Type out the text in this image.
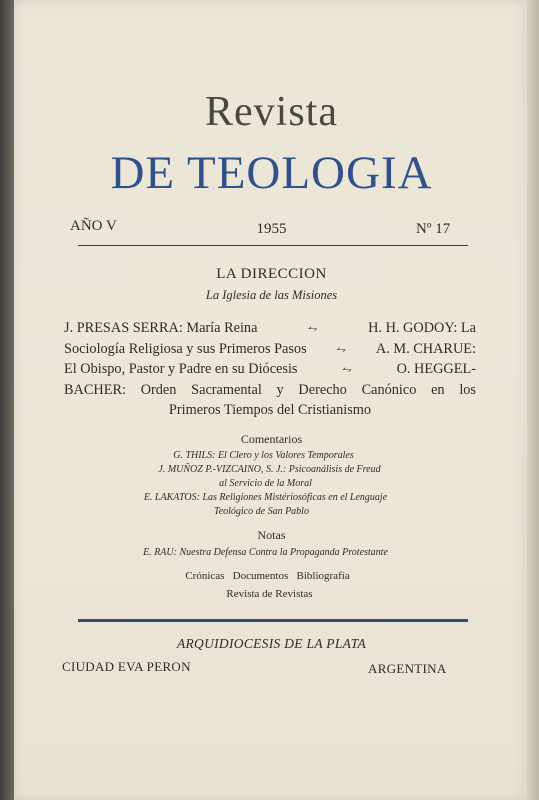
Revista
DE TEOLOGIA
AÑO V	1955	Nº 17
LA DIRECCION
La Iglesia de las Misiones
J. PRESAS SERRA: María Reina	⥊	H. H. GODOY: La
Sociología Religiosa y sus Primeros Pasos ⥊ A. M. CHARUE:
El Obispo, Pastor y Padre en su Diócesis	⥊	O. HEGGEL-
BACHER: Orden Sacramental y Derecho Canónico en los
Primeros Tiempos del Cristianismo
Comentarios
G. THILS: El Clero y los Valores Temporales
J. MUÑOZ P.-VIZCAINO, S. J.: Psicoanálisis de Freud
al Servicio de la Moral
E. LAKATOS: Las Religiones Mistériosóficas en el Lenguaje
Teológico de San Pablo
Notas
E. RAU: Nuestra Defensa Contra la Propaganda Protestante
Crónicas   Documentos   Bibliografía
Revista de Revistas
ARQUIDIOCESIS DE LA PLATA
CIUDAD EVA PERON	ARGENTINA
